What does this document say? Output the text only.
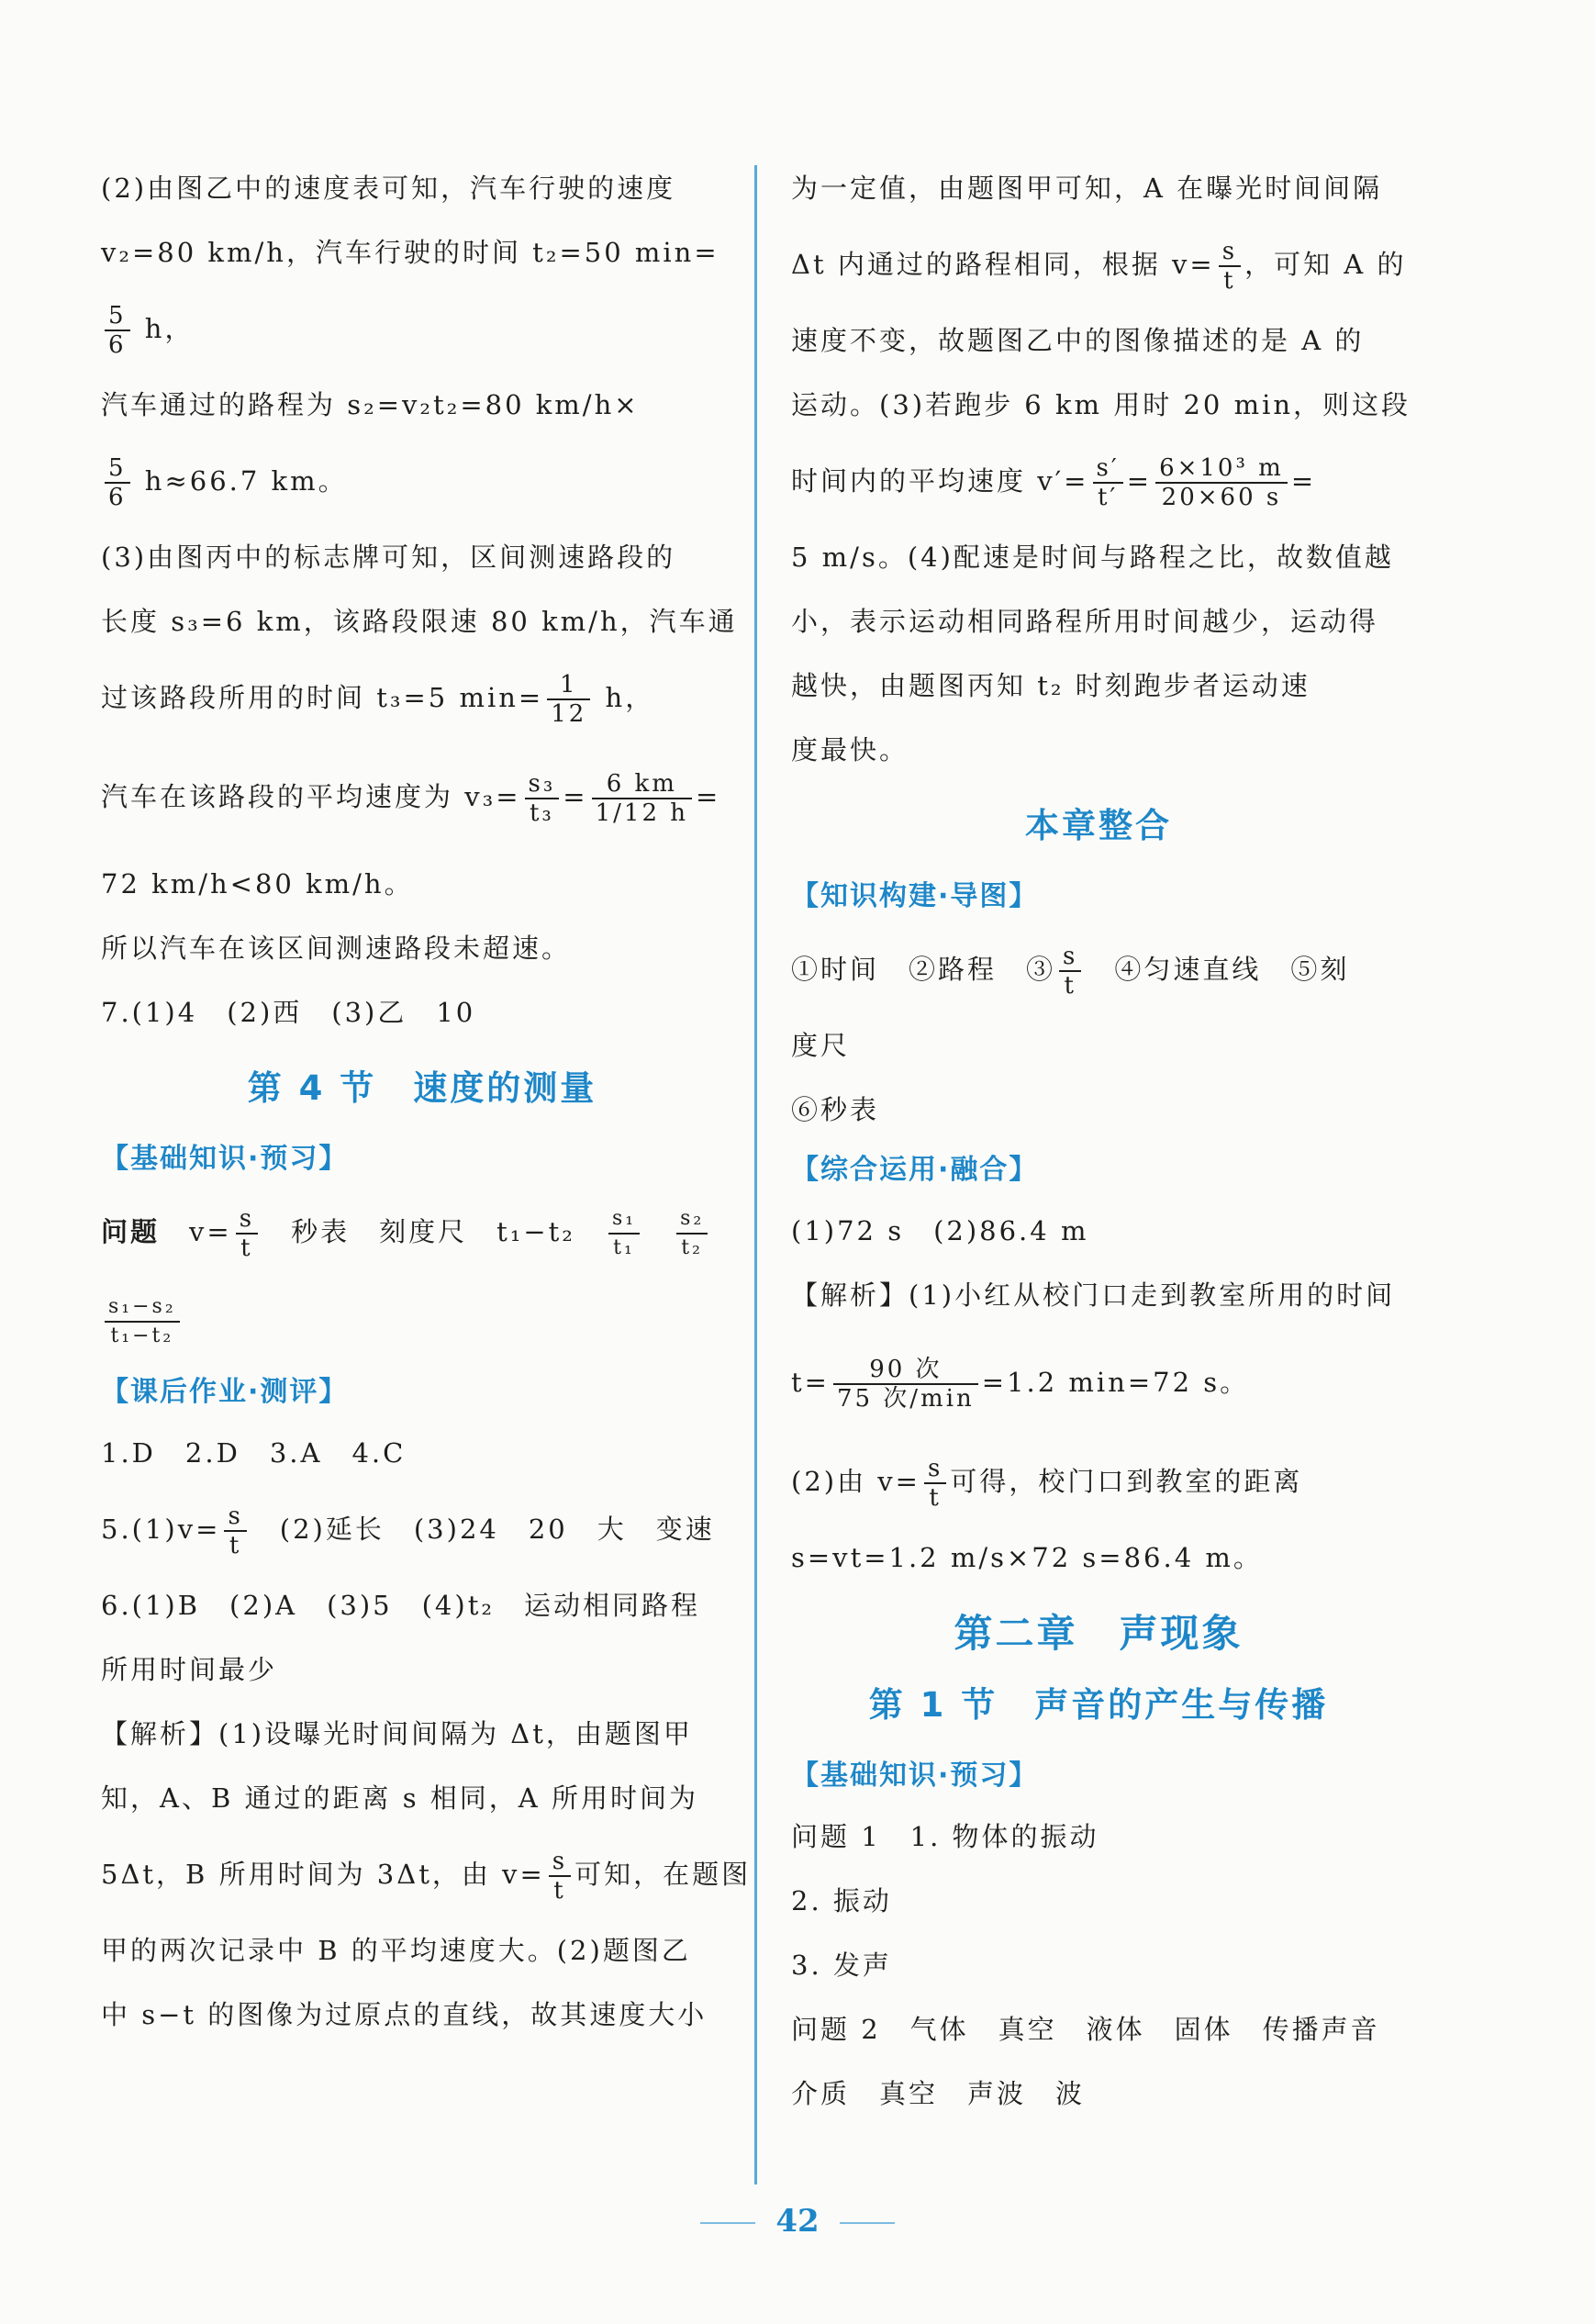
(2)由图乙中的速度表可知，汽车行驶的速度

v₂=80 km/h，汽车行驶的时间 t₂=50 min=

$\frac{5}{6}$ h，

汽车通过的路程为 s₂=v₂t₂=80 km/h×

$\frac{5}{6} h\approx 66.7$ km。

(3)由图丙中的标志牌可知，区间测速路段的

长度 s₃=6 km，该路段限速 80 km/h，汽车通

过该路段所用的时间 t₃=5 $\min= \frac{1}{12}$ h，

汽车在该路段的平均速度为 $v_3= \frac{\text{s₃}}{\text{t₃}} = \frac{6 km}{1/12 h}$ =

72 km/h<80 km/h。

所以汽车在该区间测速路段未超速。

7.(1)4　(2)西　(3)乙　10

第 4 节　速度的测量
【基础知识·预习】

问题　 $v= \frac{s}{t}$
　 秒表　刻度尺　t₁−t₂　 $\frac{\text{s₁}}{\text{t₁}}$
　 $\frac{\text{s₂}}{\text{t₂}}$

$\frac{\text{s₁−s₂}}{\text{t₁−t₂}}$

【课后作业·测评】

1.D　2.D　3.A　4.C

$5.(1)v= \frac{s}{t}$ 　(2)延长　(3)24　20　大　变速

6.(1)B　(2)A　(3)5　(4)t₂　运动相同路程

所用时间最少

【解析】(1)设曝光时间间隔为 Δt，由题图甲

知，A、B 通过的距离 s 相同，A 所用时间为

5Δt，B 所用时间为 3Δt，由 $v= \frac{s}{t}$ 可知，在题图

甲的两次记录中 B 的平均速度大。(2)题图乙

中 s−t 的图像为过原点的直线，故其速度大小

为一定值，由题图甲可知，A 在曝光时间间隔

Δt 内通过的路程相同，根据 $v= \frac{s}{t}$ ，可知 A 的

速度不变，故题图乙中的图像描述的是 A 的

运动。(3)若跑步 6 km 用时 20 min，则这段

时间内的平均速度 $v'= \frac{s'}{t'} = \frac{\text{6×10³ m}}{20\times 60 s}$ =

5 m/s。(4)配速是时间与路程之比，故数值越

小，表示运动相同路程所用时间越少，运动得

越快，由题图丙知 t₂ 时刻跑步者运动速

度最快。

本章整合
【知识构建·导图】

①时间　②路程　③ $\frac{s}{t}$ 　④匀速直线　⑤刻

度尺

⑥秒表

【综合运用·融合】

(1)72 s　(2)86.4 m

【解析】(1)小红从校门口走到教室所用的时间

$t= \frac{\text{90 次}}{\text{75 次/min}} =1.2$ min=72 s。

(2)由 $v= \frac{s}{t}$ 可得，校门口到教室的距离

s=vt=1.2 m/s×72 s=86.4 m。

第二章　声现象
第 1 节　声音的产生与传播
【基础知识·预习】

问题 1　1. 物体的振动

2. 振动

3. 发声

问题 2　气体　真空　液体　固体　传播声音

介质　真空　声波　波

42
